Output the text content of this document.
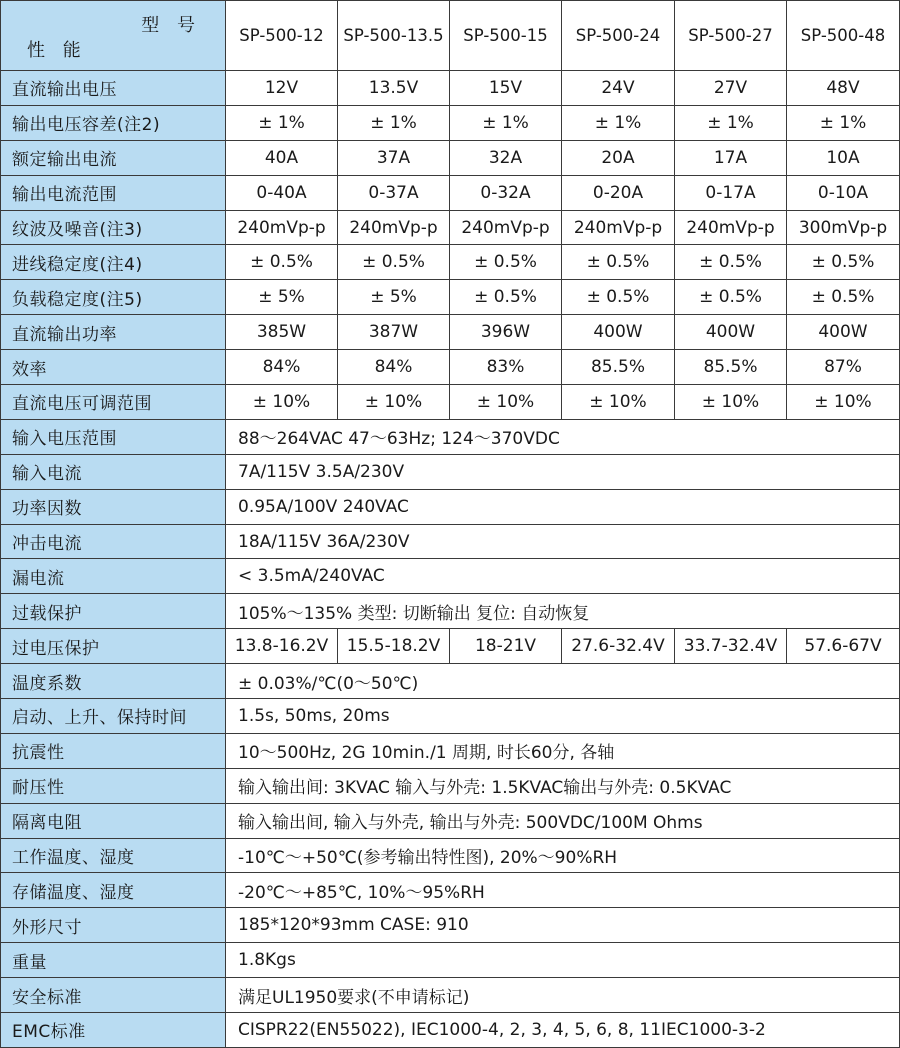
型 号
性 能	SP-500-12	SP-500-13.5	SP-500-15	SP-500-24	SP-500-27	SP-500-48
直流输出电压	12V	13.5V	15V	24V	27V	48V
输出电压容差(注2)	± 1%	± 1%	± 1%	± 1%	± 1%	± 1%
额定输出电流	40A	37A	32A	20A	17A	10A
输出电流范围	0-40A	0-37A	0-32A	0-20A	0-17A	0-10A
纹波及噪音(注3)	240mVp-p	240mVp-p	240mVp-p	240mVp-p	240mVp-p	300mVp-p
进线稳定度(注4)	± 0.5%	± 0.5%	± 0.5%	± 0.5%	± 0.5%	± 0.5%
负载稳定度(注5)	± 5%	± 5%	± 0.5%	± 0.5%	± 0.5%	± 0.5%
直流输出功率	385W	387W	396W	400W	400W	400W
效率	84%	84%	83%	85.5%	85.5%	87%
直流电压可调范围	± 10%	± 10%	± 10%	± 10%	± 10%	± 10%
输入电压范围	88～264VAC 47～63Hz; 124～370VDC					
输入电流	7A/115V 3.5A/230V					
功率因数	0.95A/100V 240VAC					
冲击电流	18A/115V 36A/230V					
漏电流	< 3.5mA/240VAC					
过载保护	105%～135% 类型: 切断输出 复位: 自动恢复					
过电压保护	13.8-16.2V	15.5-18.2V	18-21V	27.6-32.4V	33.7-32.4V	57.6-67V
温度系数	± 0.03%/℃(0～50℃)					
启动、上升、保持时间	1.5s, 50ms, 20ms					
抗震性	10～500Hz, 2G 10min./1 周期, 时长60分, 各轴					
耐压性	输入输出间: 3KVAC 输入与外壳: 1.5KVAC输出与外壳: 0.5KVAC					
隔离电阻	输入输出间, 输入与外壳, 输出与外壳: 500VDC/100M Ohms					
工作温度、湿度	-10℃～+50℃(参考输出特性图), 20%～90%RH					
存储温度、湿度	-20℃～+85℃, 10%～95%RH					
外形尺寸	185*120*93mm CASE: 910					
重量	1.8Kgs					
安全标准	满足UL1950要求(不申请标记)					
EMC标准	CISPR22(EN55022), IEC1000-4, 2, 3, 4, 5, 6, 8, 11IEC1000-3-2					
